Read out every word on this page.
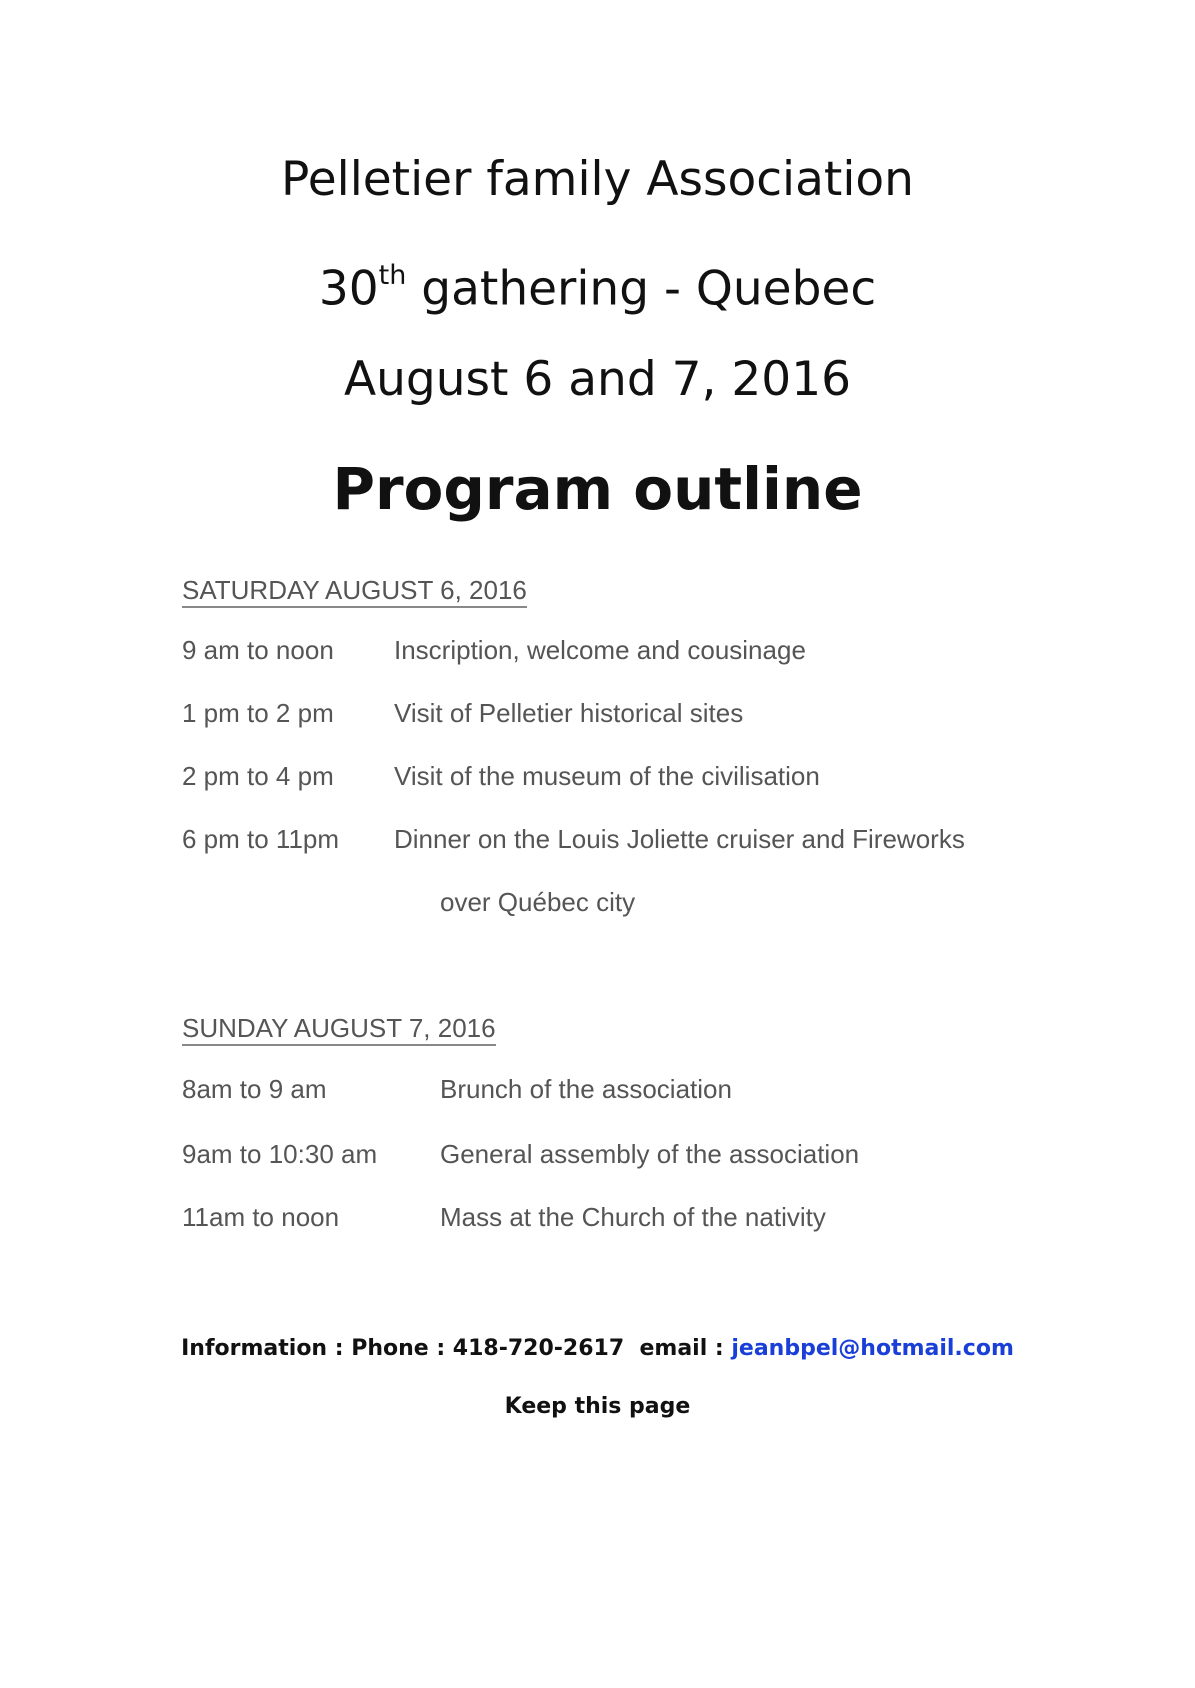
Pelletier family Association
30th gathering - Quebec
August 6 and 7, 2016
Program outline
SATURDAY AUGUST 6, 2016
9 am to noon Inscription, welcome and cousinage
1 pm to 2 pm Visit of Pelletier historical sites
2 pm to 4 pm Visit of the museum of the civilisation
6 pm to 11pm Dinner on the Louis Joliette cruiser and Fireworks
over Québec city
SUNDAY AUGUST 7, 2016
8am to 9 am	Brunch of the association
9am to 10:30 am General assembly of the association
11am to noon	Mass at the Church of the nativity
Information : Phone : 418-720-2617  email : jeanbpel@hotmail.com
Keep this page
